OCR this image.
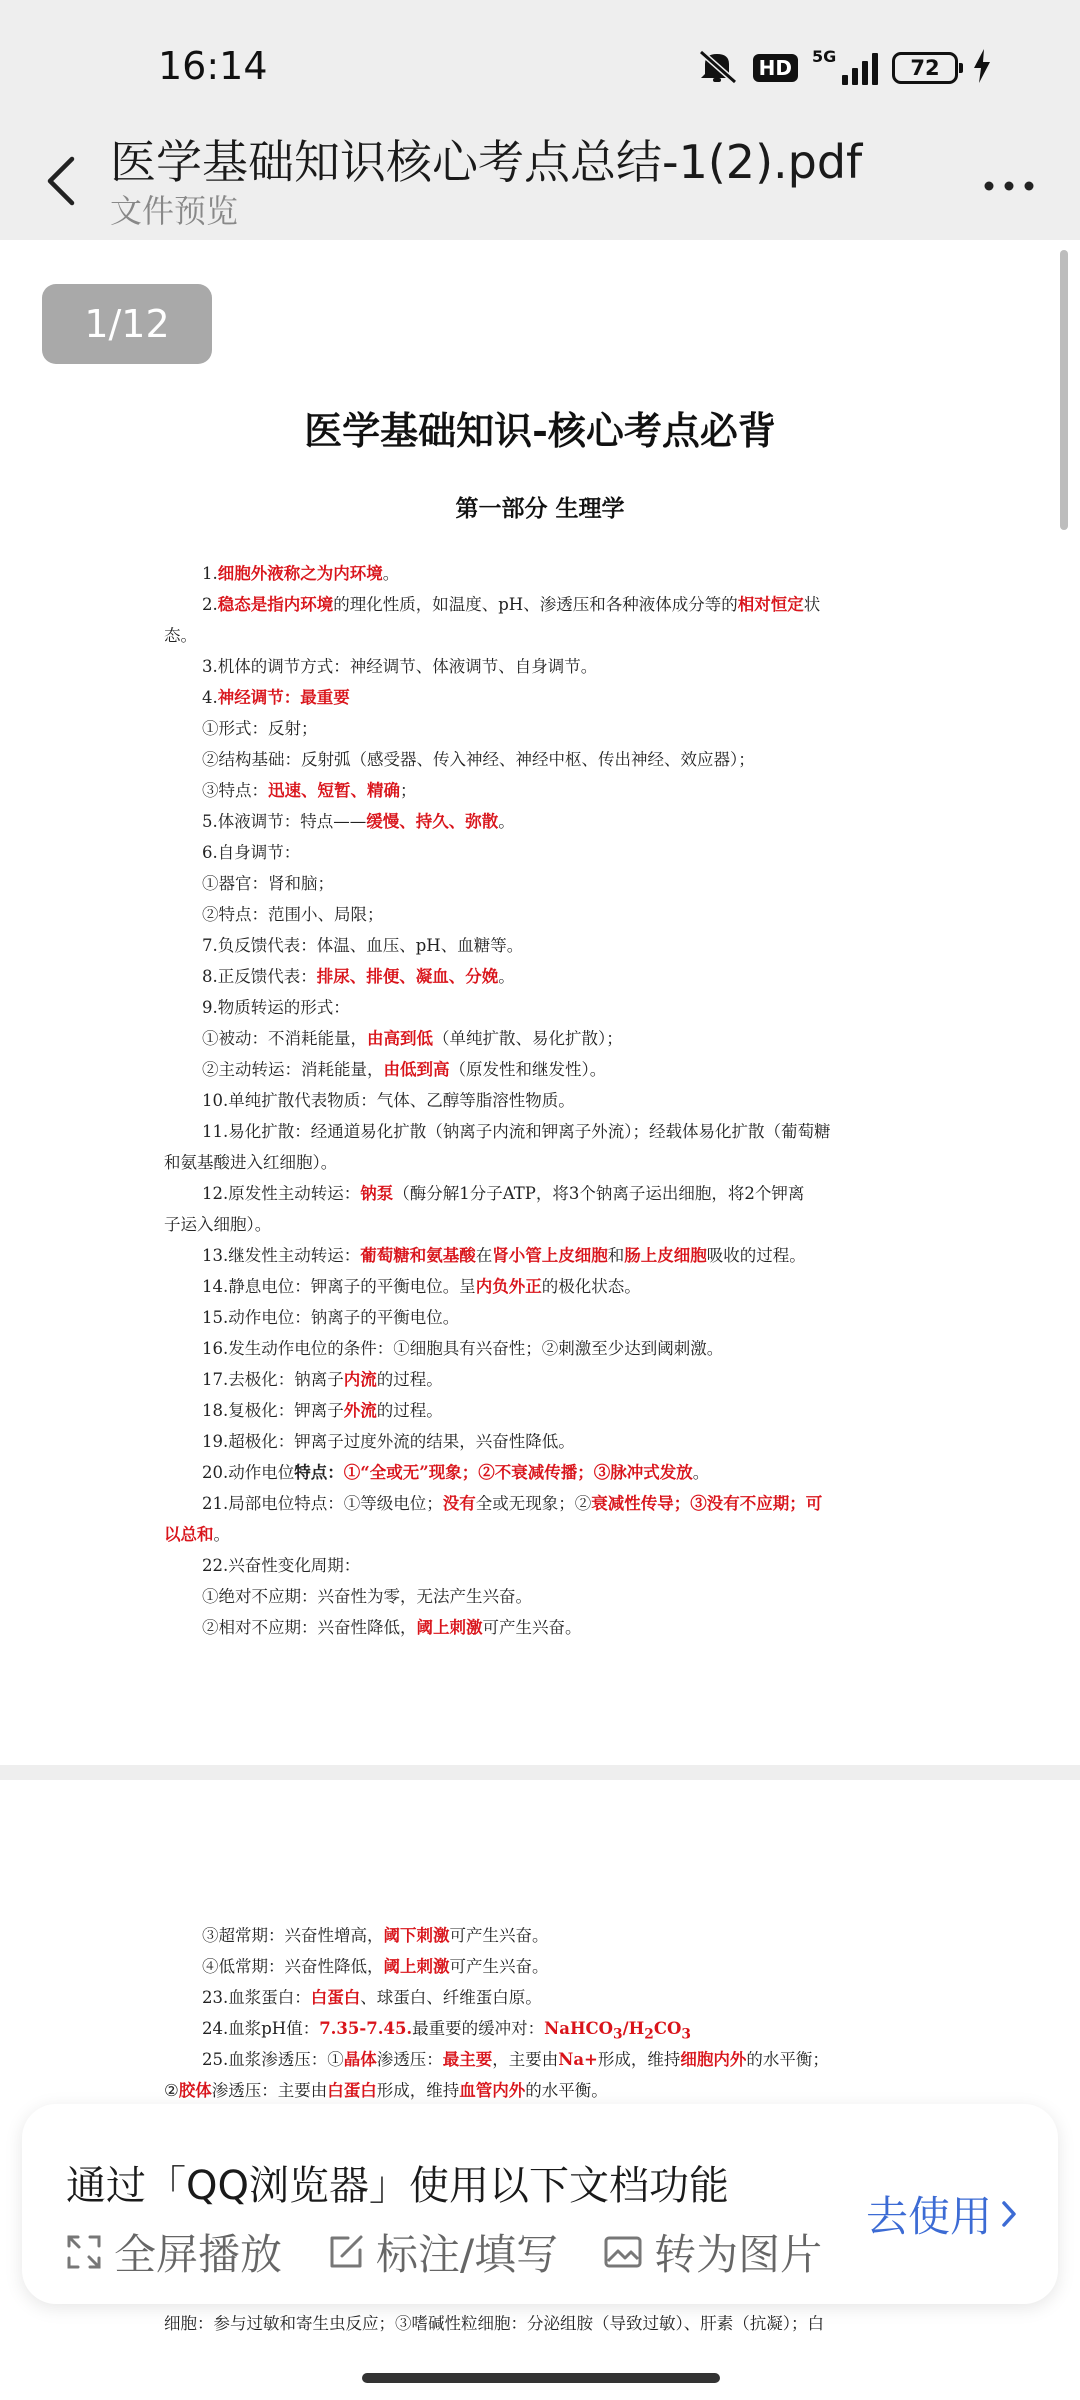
16:14	HD	5G	72
医学基础知识核心考点总结-1(2).pdf
文件预览
1/12
医学基础知识-核心考点必背
第一部分 生理学
1.细胞外液称之为内环境。
2.稳态是指内环境的理化性质，如温度、pH、渗透压和各种液体成分等的相对恒定状
态。
3.机体的调节方式：神经调节、体液调节、自身调节。
4.神经调节：最重要
①形式：反射；
②结构基础：反射弧（感受器、传入神经、神经中枢、传出神经、效应器）；
③特点：迅速、短暂、精确；
5.体液调节：特点——缓慢、持久、弥散。
6.自身调节：
①器官：肾和脑；
②特点：范围小、局限；
7.负反馈代表：体温、血压、pH、血糖等。
8.正反馈代表：排尿、排便、凝血、分娩。
9.物质转运的形式：
①被动：不消耗能量，由高到低（单纯扩散、易化扩散）；
②主动转运：消耗能量，由低到高（原发性和继发性）。
10.单纯扩散代表物质：气体、乙醇等脂溶性物质。
11.易化扩散：经通道易化扩散（钠离子内流和钾离子外流）；经载体易化扩散（葡萄糖
和氨基酸进入红细胞）。
12.原发性主动转运：钠泵（酶分解1分子ATP，将3个钠离子运出细胞，将2个钾离
子运入细胞）。
13.继发性主动转运：葡萄糖和氨基酸在肾小管上皮细胞和肠上皮细胞吸收的过程。
14.静息电位：钾离子的平衡电位。呈内负外正的极化状态。
15.动作电位：钠离子的平衡电位。
16.发生动作电位的条件：①细胞具有兴奋性；②刺激至少达到阈刺激。
17.去极化：钠离子内流的过程。
18.复极化：钾离子外流的过程。
19.超极化：钾离子过度外流的结果，兴奋性降低。
20.动作电位特点：①“全或无”现象；②不衰减传播；③脉冲式发放。
21.局部电位特点：①等级电位；没有全或无现象；②衰减性传导；③没有不应期；可
以总和。
22.兴奋性变化周期：
①绝对不应期：兴奋性为零，无法产生兴奋。
②相对不应期：兴奋性降低，阈上刺激可产生兴奋。
③超常期：兴奋性增高，阈下刺激可产生兴奋。
④低常期：兴奋性降低，阈上刺激可产生兴奋。
23.血浆蛋白：白蛋白、球蛋白、纤维蛋白原。
24.血浆pH值：7.35-7.45.最重要的缓冲对：$NaHCO_3/H_2CO_3$
25.血浆渗透压：①晶体渗透压：最主要，主要由Na+形成，维持细胞内外的水平衡；
②胶体渗透压：主要由白蛋白形成，维持血管内外的水平衡。
细胞：参与过敏和寄生虫反应；③嗜碱性粒细胞：分泌组胺（导致过敏）、肝素（抗凝）；白
通过「QQ浏览器」使用以下文档功能
全屏播放 标注/填写 转为图片
去使用
